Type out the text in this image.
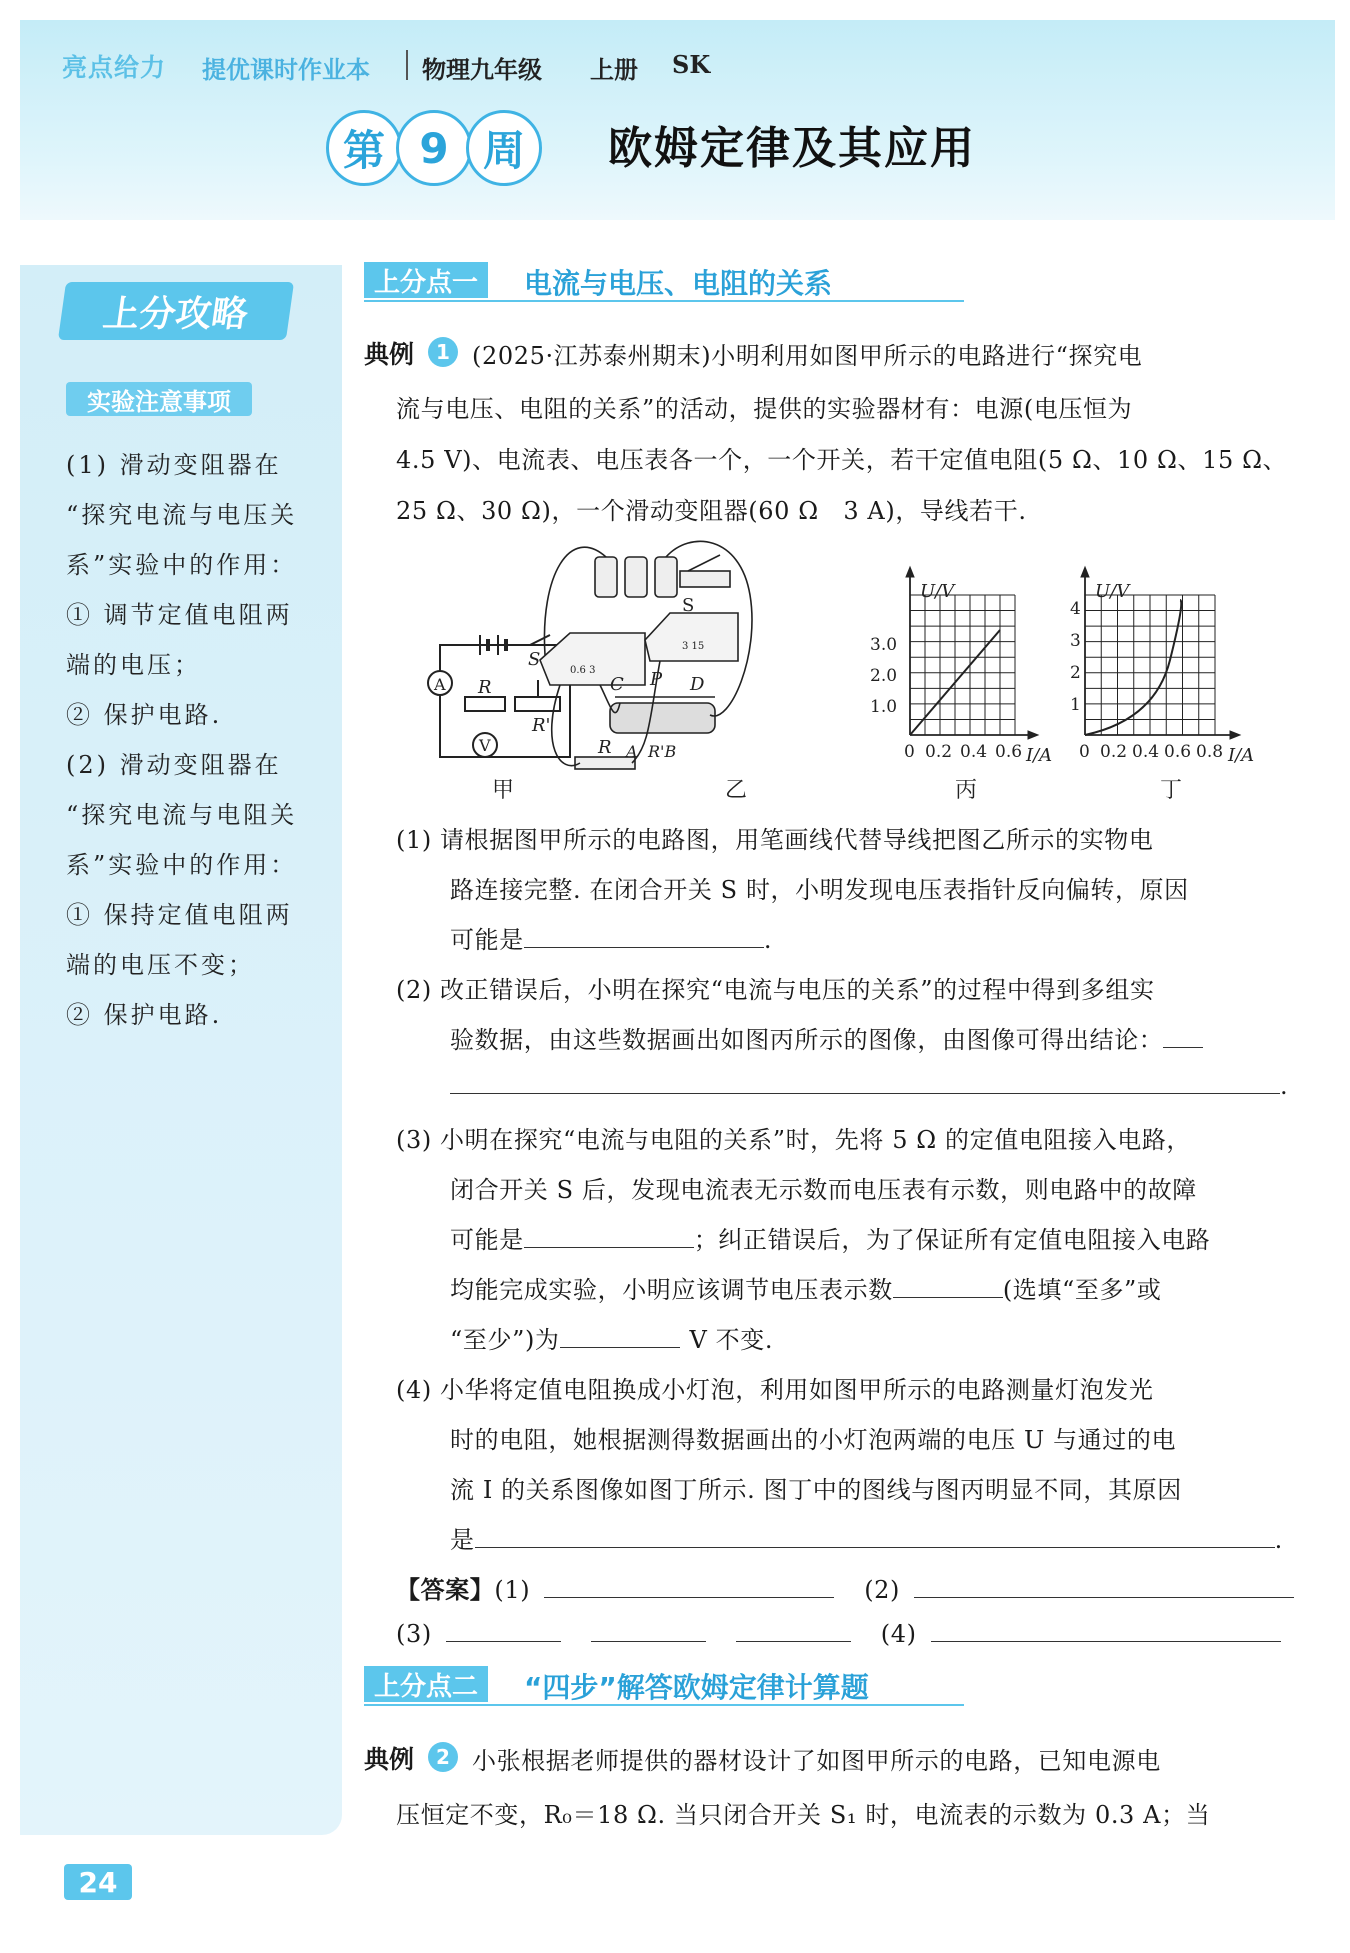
亮点给力 提优课时作业本 物理九年级 上册 SK
第 9 周	欧姆定律及其应用
上分攻略
实验注意事项
(1) 滑动变阻器在
“探究电流与电压关
系”实验中的作用：
① 调节定值电阻两
端的电压；
② 保护电路.
(2) 滑动变阻器在
“探究电流与电阻关
系”实验中的作用：
① 保持定值电阻两
端的电压不变；
② 保护电路.
上分点一	电流与电压、电阻的关系
典例	1 (2025·江苏泰州期末)小明利用如图甲所示的电路进行“探究电
流与电压、电阻的关系”的活动，提供的实验器材有：电源(电压恒为
4.5 V)、电流表、电压表各一个，一个开关，若干定值电阻(5 Ω、10 Ω、15 Ω、
25 Ω、30 Ω)，一个滑动变阻器(60 Ω　3 A)，导线若干.
A
V
R
R'
S
S
R
C P D
A R'B
0.6 3
3 15
U/V
I/A
1.0
2.0
3.0
0 0.2 0.4 0.6
U/V
I/A
1
2
3
4
0 0.2 0.4 0.6 0.8
甲	乙	丙	丁
(1) 请根据图甲所示的电路图，用笔画线代替导线把图乙所示的实物电
路连接完整. 在闭合开关 S 时，小明发现电压表指针反向偏转，原因
可能是	.
(2) 改正错误后，小明在探究“电流与电压的关系”的过程中得到多组实
验数据，由这些数据画出如图丙所示的图像，由图像可得出结论：
.
(3) 小明在探究“电流与电阻的关系”时，先将 5 Ω 的定值电阻接入电路，
闭合开关 S 后，发现电流表无示数而电压表有示数，则电路中的故障
可能是	；纠正错误后，为了保证所有定值电阻接入电路
均能完成实验，小明应该调节电压表示数	(选填“至多”或
“至少”)为	V 不变.
(4) 小华将定值电阻换成小灯泡，利用如图甲所示的电路测量灯泡发光
时的电阻，她根据测得数据画出的小灯泡两端的电压 U 与通过的电
流 I 的关系图像如图丁所示. 图丁中的图线与图丙明显不同，其原因
是	.
【答案】(1)	(2)
(3)	(4)
上分点二	“四步”解答欧姆定律计算题
典例	2 小张根据老师提供的器材设计了如图甲所示的电路，已知电源电
压恒定不变，R₀＝18 Ω. 当只闭合开关 S₁ 时，电流表的示数为 0.3 A；当
24
